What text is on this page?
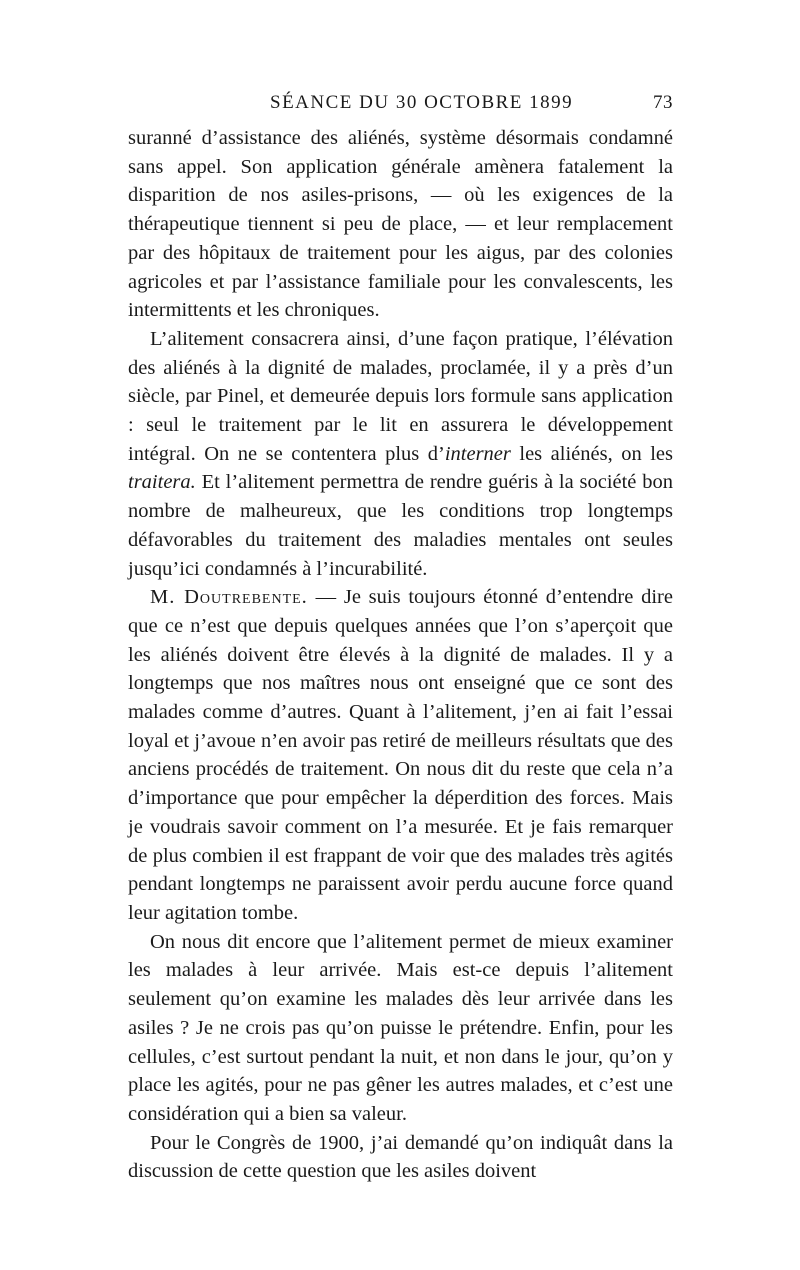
SÉANCE DU 30 OCTOBRE 1899	73

suranné d’assistance des aliénés, système désormais condamné sans appel. Son application générale amènera fatalement la disparition de nos asiles-prisons, — où les exigences de la thérapeutique tiennent si peu de place, — et leur remplacement par des hôpitaux de traitement pour les aigus, par des colonies agricoles et par l’assistance familiale pour les convalescents, les intermittents et les chroniques.

L’alitement consacrera ainsi, d’une façon pratique, l’élévation des aliénés à la dignité de malades, proclamée, il y a près d’un siècle, par Pinel, et demeurée depuis lors formule sans application : seul le traitement par le lit en assurera le développement intégral. On ne se contentera plus d’interner les aliénés, on les traitera. Et l’alitement permettra de rendre guéris à la société bon nombre de malheureux, que les conditions trop longtemps défavorables du traitement des maladies mentales ont seules jusqu’ici condamnés à l’incurabilité.

M. Doutrebente. — Je suis toujours étonné d’entendre dire que ce n’est que depuis quelques années que l’on s’aperçoit que les aliénés doivent être élevés à la dignité de malades. Il y a longtemps que nos maîtres nous ont enseigné que ce sont des malades comme d’autres. Quant à l’alitement, j’en ai fait l’essai loyal et j’avoue n’en avoir pas retiré de meilleurs résultats que des anciens procédés de traitement. On nous dit du reste que cela n’a d’importance que pour empêcher la déperdition des forces. Mais je voudrais savoir comment on l’a mesurée. Et je fais remarquer de plus combien il est frappant de voir que des malades très agités pendant longtemps ne paraissent avoir perdu aucune force quand leur agitation tombe.

On nous dit encore que l’alitement permet de mieux examiner les malades à leur arrivée. Mais est-ce depuis l’alitement seulement qu’on examine les malades dès leur arrivée dans les asiles ? Je ne crois pas qu’on puisse le prétendre. Enfin, pour les cellules, c’est surtout pendant la nuit, et non dans le jour, qu’on y place les agités, pour ne pas gêner les autres malades, et c’est une considération qui a bien sa valeur.

Pour le Congrès de 1900, j’ai demandé qu’on indiquât dans la discussion de cette question que les asiles doivent
